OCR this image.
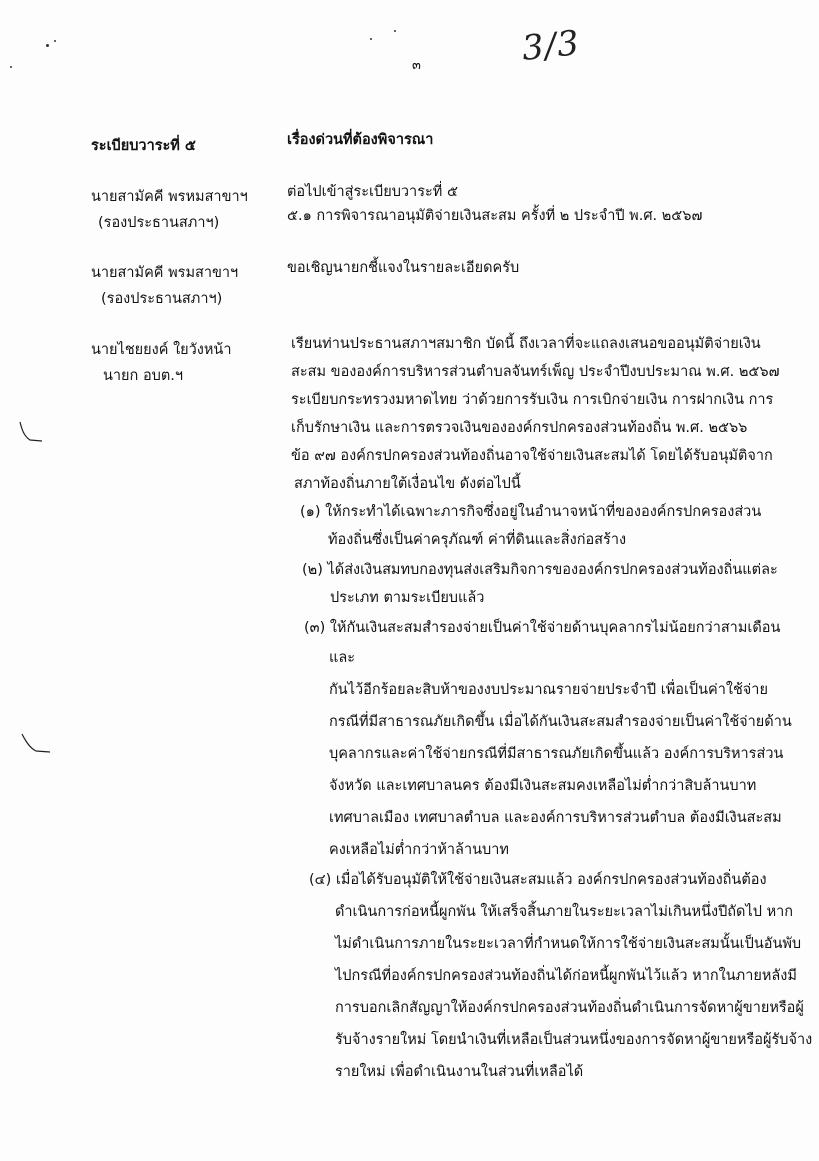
๓	3/3
ระเบียบวาระที่ ๕	เรื่องด่วนที่ต้องพิจารณา
นายสามัคคี พรหมสาขาฯ
(รองประธานสภาฯ)
ต่อไปเข้าสู่ระเบียบวาระที่ ๕
๕.๑ การพิจารณาอนุมัติจ่ายเงินสะสม ครั้งที่ ๒ ประจำปี พ.ศ. ๒๕๖๗
นายสามัคคี พรมสาขาฯ
(รองประธานสภาฯ)
ขอเชิญนายกชี้แจงในรายละเอียดครับ
นายไชยยงค์ ใยวังหน้า
นายก อบต.ฯ
เรียนท่านประธานสภาฯสมาชิก บัดนี้ ถึงเวลาที่จะแถลงเสนอขออนุมัติจ่ายเงิน
สะสม ขององค์การบริหารส่วนตำบลจันทร์เพ็ญ ประจำปีงบประมาณ พ.ศ. ๒๕๖๗
ระเบียบกระทรวงมหาดไทย ว่าด้วยการรับเงิน การเบิกจ่ายเงิน การฝากเงิน การ
เก็บรักษาเงิน และการตรวจเงินขององค์กรปกครองส่วนท้องถิ่น พ.ศ. ๒๕๖๖
ข้อ ๙๗ องค์กรปกครองส่วนท้องถิ่นอาจใช้จ่ายเงินสะสมได้ โดยได้รับอนุมัติจาก
สภาท้องถิ่นภายใต้เงื่อนไข ดังต่อไปนี้
(๑) ให้กระทำได้เฉพาะภารกิจซึ่งอยู่ในอำนาจหน้าที่ขององค์กรปกครองส่วน
ท้องถิ่นซึ่งเป็นค่าครุภัณฑ์ ค่าที่ดินและสิ่งก่อสร้าง
(๒) ได้ส่งเงินสมทบกองทุนส่งเสริมกิจการขององค์กรปกครองส่วนท้องถิ่นแต่ละ
ประเภท ตามระเบียบแล้ว
(๓) ให้กันเงินสะสมสำรองจ่ายเป็นค่าใช้จ่ายด้านบุคลากรไม่น้อยกว่าสามเดือน
และ
กันไว้อีกร้อยละสิบห้าของงบประมาณรายจ่ายประจำปี เพื่อเป็นค่าใช้จ่าย
กรณีที่มีสาธารณภัยเกิดขึ้น เมื่อได้กันเงินสะสมสำรองจ่ายเป็นค่าใช้จ่ายด้าน
บุคลากรและค่าใช้จ่ายกรณีที่มีสาธารณภัยเกิดขึ้นแล้ว องค์การบริหารส่วน
จังหวัด และเทศบาลนคร ต้องมีเงินสะสมคงเหลือไม่ต่ำกว่าสิบล้านบาท
เทศบาลเมือง เทศบาลตำบล และองค์การบริหารส่วนตำบล ต้องมีเงินสะสม
คงเหลือไม่ต่ำกว่าห้าล้านบาท
(๔) เมื่อได้รับอนุมัติให้ใช้จ่ายเงินสะสมแล้ว องค์กรปกครองส่วนท้องถิ่นต้อง
ดำเนินการก่อหนี้ผูกพัน ให้เสร็จสิ้นภายในระยะเวลาไม่เกินหนึ่งปีถัดไป หาก
ไม่ดำเนินการภายในระยะเวลาที่กำหนดให้การใช้จ่ายเงินสะสมนั้นเป็นอันพับ
ไปกรณีที่องค์กรปกครองส่วนท้องถิ่นได้ก่อหนี้ผูกพันไว้แล้ว หากในภายหลังมี
การบอกเลิกสัญญาให้องค์กรปกครองส่วนท้องถิ่นดำเนินการจัดหาผู้ขายหรือผู้
รับจ้างรายใหม่ โดยนำเงินที่เหลือเป็นส่วนหนึ่งของการจัดหาผู้ขายหรือผู้รับจ้าง
รายใหม่ เพื่อดำเนินงานในส่วนที่เหลือได้
